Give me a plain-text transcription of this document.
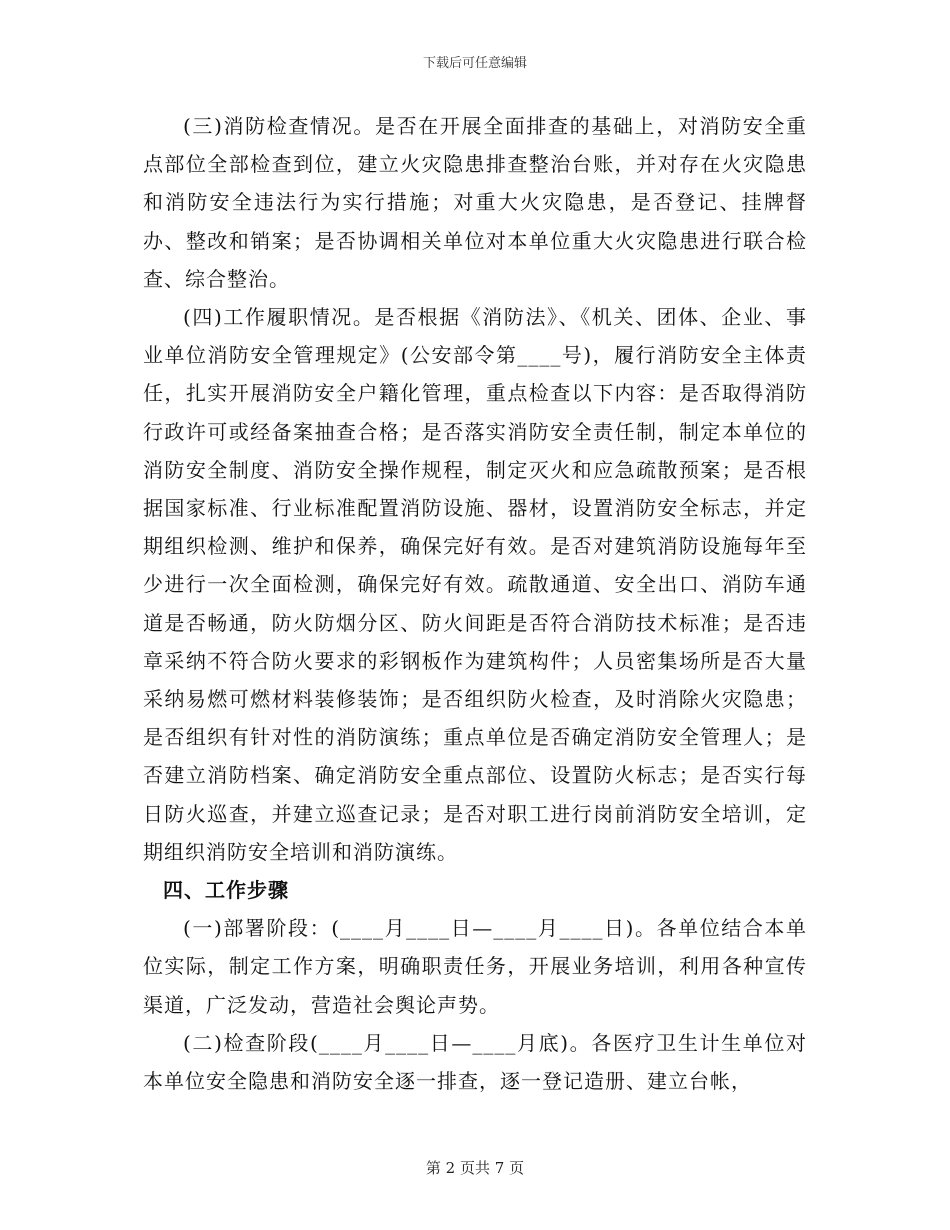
下载后可任意编辑

(三)消防检查情况。是否在开展全面排查的基础上，对消防安全重点部位全部检查到位，建立火灾隐患排查整治台账，并对存在火灾隐患和消防安全违法行为实行措施；对重大火灾隐患，是否登记、挂牌督办、整改和销案；是否协调相关单位对本单位重大火灾隐患进行联合检查、综合整治。

(四)工作履职情况。是否根据《消防法》、《机关、团体、企业、事业单位消防安全管理规定》(公安部令第____号)，履行消防安全主体责任，扎实开展消防安全户籍化管理，重点检查以下内容：是否取得消防行政许可或经备案抽查合格；是否落实消防安全责任制，制定本单位的消防安全制度、消防安全操作规程，制定灭火和应急疏散预案；是否根据国家标准、行业标准配置消防设施、器材，设置消防安全标志，并定期组织检测、维护和保养，确保完好有效。是否对建筑消防设施每年至少进行一次全面检测，确保完好有效。疏散通道、安全出口、消防车通道是否畅通，防火防烟分区、防火间距是否符合消防技术标准；是否违章采纳不符合防火要求的彩钢板作为建筑构件；人员密集场所是否大量采纳易燃可燃材料装修装饰；是否组织防火检查，及时消除火灾隐患；是否组织有针对性的消防演练；重点单位是否确定消防安全管理人；是否建立消防档案、确定消防安全重点部位、设置防火标志；是否实行每日防火巡查，并建立巡查记录；是否对职工进行岗前消防安全培训，定期组织消防安全培训和消防演练。

四、工作步骤

(一)部署阶段：(____月____日—____月____日)。各单位结合本单位实际，制定工作方案，明确职责任务，开展业务培训，利用各种宣传渠道，广泛发动，营造社会舆论声势。

(二)检查阶段(____月____日—____月底)。各医疗卫生计生单位对本单位安全隐患和消防安全逐一排查，逐一登记造册、建立台帐，

第 2 页共 7 页
